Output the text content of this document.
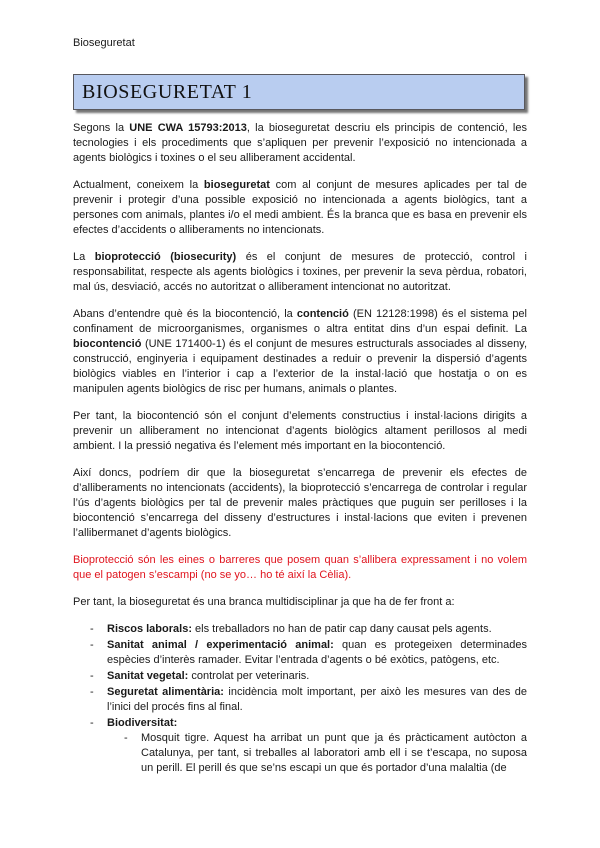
Bioseguretat
BIOSEGURETAT 1

Segons la UNE CWA 15793:2013, la bioseguretat descriu els principis de contenció, les tecnologies i els procediments que s’apliquen per prevenir l’exposició no intencionada a agents biològics i toxines o el seu alliberament accidental.

Actualment, coneixem la bioseguretat com al conjunt de mesures aplicades per tal de prevenir i protegir d’una possible exposició no intencionada a agents biològics, tant a persones com animals, plantes i/o el medi ambient. És la branca que es basa en prevenir els efectes d’accidents o alliberaments no intencionats.

La bioprotecció (biosecurity) és el conjunt de mesures de protecció, control i responsabilitat, respecte als agents biològics i toxines, per prevenir la seva pèrdua, robatori, mal ús, desviació, accés no autoritzat o alliberament intencionat no autoritzat.

Abans d’entendre què és la biocontenció, la contenció (EN 12128:1998) és el sistema pel confinament de microorganismes, organismes o altra entitat dins d’un espai definit. La biocontenció (UNE 171400-1) és el conjunt de mesures estructurals associades al disseny, construcció, enginyeria i equipament destinades a reduir o prevenir la dispersió d’agents biològics viables en l’interior i cap a l’exterior de la instal·lació que hostatja o on es manipulen agents biològics de risc per humans, animals o plantes.

Per tant, la biocontenció són el conjunt d’elements constructius i instal·lacions dirigits a prevenir un alliberament no intencionat d’agents biològics altament perillosos al medi ambient. I la pressió negativa és l’element més important en la biocontenció.

Així doncs, podríem dir que la bioseguretat s’encarrega de prevenir els efectes de d’alliberaments no intencionats (accidents), la bioprotecció s’encarrega de controlar i regular l’ús d’agents biològics per tal de prevenir males pràctiques que puguin ser perilloses i la biocontenció s’encarrega del disseny d’estructures i instal·lacions que eviten i prevenen l’allibermanet d’agents biològics.

Bioprotecció són les eines o barreres que posem quan s’allibera expressament i no volem que el patogen s’escampi (no se yo… ho té així la Cèlia).

Per tant, la bioseguretat és una branca multidisciplinar ja que ha de fer front a:

- Riscos laborals: els treballadors no han de patir cap dany causat pels agents.
- Sanitat animal / experimentació animal: quan es protegeixen determinades espècies d’interès ramader. Evitar l’entrada d’agents o bé exòtics, patògens, etc.
- Sanitat vegetal: controlat per veterinaris.
- Seguretat alimentària: incidència molt important, per això les mesures van des de l’inici del procés fins al final.
- Biodiversitat:
- Mosquit tigre. Aquest ha arribat un punt que ja és pràcticament autòcton a Catalunya, per tant, si treballes al laboratori amb ell i se t’escapa, no suposa un perill. El perill és que se’ns escapi un que és portador d’una malaltia (de
